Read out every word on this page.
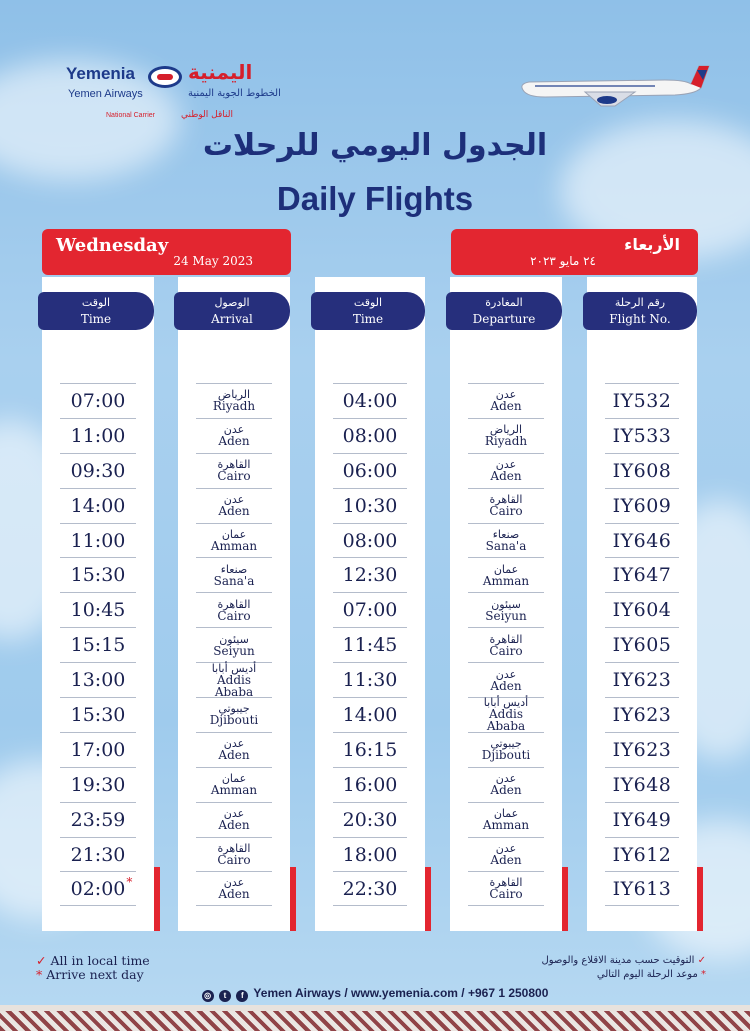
Yemenia
Yemen Airways
اليمنية
الخطوط الجوية اليمنية
National Carrier	الناقل الوطني
الجدول اليومي للرحلات
Daily Flights
Wednesday
24 May 2023
الأربعاء
٢٤ مايو ٢٠٢٣
الوقت
Time
07:00
11:00
09:30
14:00
11:00
15:30
10:45
15:15
13:00
15:30
17:00
19:30
23:59
21:30
02:00 *
الوصول
Arrival
الرياض
Riyadh
عدن
Aden
القاهرة
Cairo
عدن
Aden
عمان
Amman
صنعاء
Sana'a
القاهرة
Cairo
سيئون
Seiyun
أديس أبابا
Addis Ababa
جيبوتي
Djibouti
عدن
Aden
عمان
Amman
عدن
Aden
القاهرة
Cairo
عدن
Aden
الوقت
Time
04:00
08:00
06:00
10:30
08:00
12:30
07:00
11:45
11:30
14:00
16:15
16:00
20:30
18:00
22:30
المغادرة
Departure
عدن
Aden
الرياض
Riyadh
عدن
Aden
القاهرة
Cairo
صنعاء
Sana'a
عمان
Amman
سيئون
Seiyun
القاهرة
Cairo
عدن
Aden
أديس أبابا
Addis Ababa
جيبوتي
Djibouti
عدن
Aden
عمان
Amman
عدن
Aden
القاهرة
Cairo
رقم الرحلة
Flight No.
IY532
IY533
IY608
IY609
IY646
IY647
IY604
IY605
IY623
IY623
IY623
IY648
IY649
IY612
IY613
✓ All in local time
* Arrive next day
✓ التوقيت حسب مدينة الاقلاع والوصول
* موعد الرحلة اليوم التالي
◎ t f Yemen Airways / www.yemenia.com / +967 1 250800
